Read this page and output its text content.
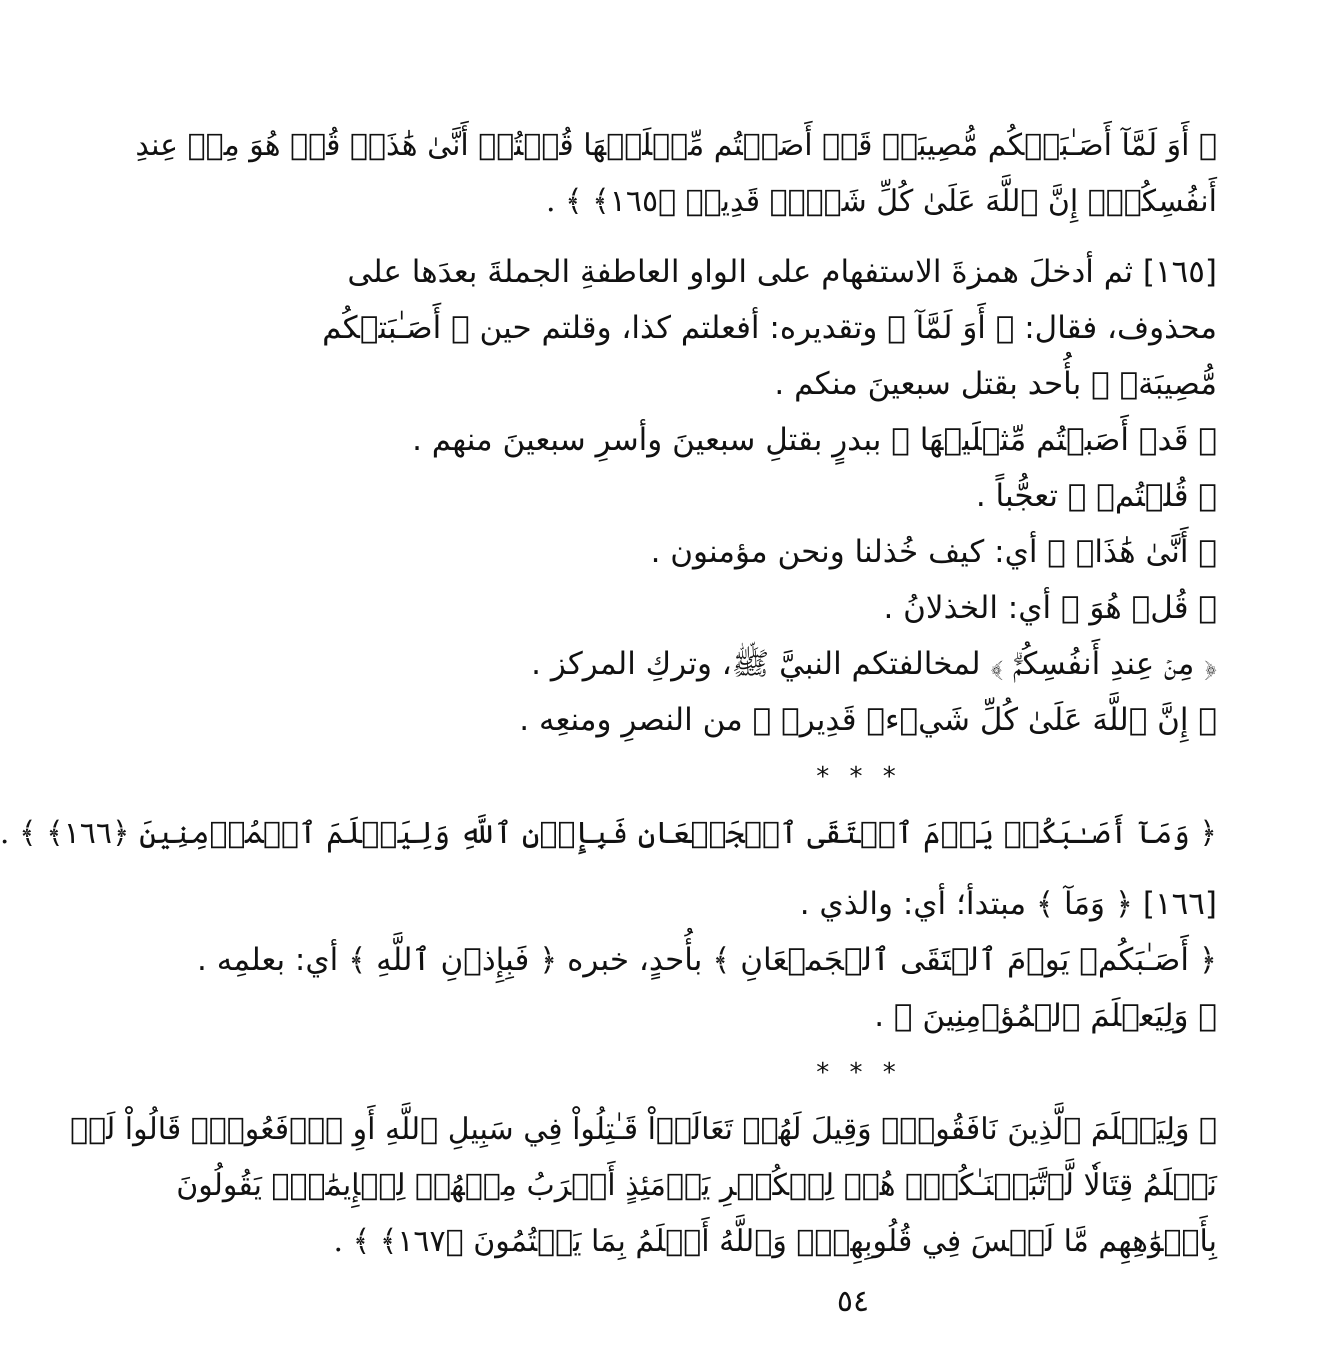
﴿ أَوَ لَمَّآ أَصَـٰبَتۡكُم مُّصِيبَةٞ قَدۡ أَصَبۡتُم مِّثۡلَيۡهَا قُلۡتُمۡ أَنَّىٰ هَٰذَاۖ قُلۡ هُوَ مِنۡ عِندِ
أَنفُسِكُمۡۗ إِنَّ ٱللَّهَ عَلَىٰ كُلِّ شَيۡءٖ قَدِيرٞ ﴿١٦٥﴾ ﴾ .
[١٦٥] ثم أدخلَ همزةَ الاستفهام على الواو العاطفةِ الجملةَ بعدَها على
محذوف، فقال: ﴿ أَوَ لَمَّآ ﴾ وتقديره: أفعلتم كذا، وقلتم حين ﴿ أَصَـٰبَتۡكُم
مُّصِيبَةٞ ﴾ بأُحد بقتل سبعينَ منكم .
﴿ قَدۡ أَصَبۡتُم مِّثۡلَيۡهَا ﴾ ببدرٍ بقتلِ سبعينَ وأسرِ سبعينَ منهم .
﴿ قُلۡتُمۡ ﴾ تعجُّباً .
﴿ أَنَّىٰ هَٰذَاۖ ﴾ أي: كيف خُذلنا ونحن مؤمنون .
﴿ قُلۡ هُوَ ﴾ أي: الخذلانُ .
﴿ مِنۡ عِندِ أَنفُسِكُمۡۗ ﴾ لمخالفتكم النبيَّ ﷺ، وتركِ المركز .
﴿ إِنَّ ٱللَّهَ عَلَىٰ كُلِّ شَيۡءٖ قَدِيرٞ ﴾ من النصرِ ومنعِه .
* * *
﴿ وَمَآ أَصَـٰبَكُمۡ يَوۡمَ ٱلۡتَقَى ٱلۡجَمۡعَانِ فَبِإِذۡنِ ٱللَّهِ وَلِيَعۡلَمَ ٱلۡمُؤۡمِنِينَ ﴿١٦٦﴾ ﴾ .
[١٦٦] ﴿ وَمَآ ﴾ مبتدأ؛ أي: والذي .
﴿ أَصَـٰبَكُمۡ يَوۡمَ ٱلۡتَقَى ٱلۡجَمۡعَانِ ﴾ بأُحدٍ، خبره ﴿ فَبِإِذۡنِ ٱللَّهِ ﴾ أي: بعلمِه .
﴿ وَلِيَعۡلَمَ ٱلۡمُؤۡمِنِينَ ﴾ .
* * *
﴿ وَلِيَعۡلَمَ ٱلَّذِينَ نَافَقُواْۚ وَقِيلَ لَهُمۡ تَعَالَوۡاْ قَـٰتِلُواْ فِي سَبِيلِ ٱللَّهِ أَوِ ٱدۡفَعُواْۖ قَالُواْ لَوۡ
نَعۡلَمُ قِتَالٗا لَّٱتَّبَعۡنَـٰكُمۡۗ هُمۡ لِلۡكُفۡرِ يَوۡمَئِذٍ أَقۡرَبُ مِنۡهُمۡ لِلۡإِيمَٰنِۚ يَقُولُونَ
بِأَفۡوَٰهِهِم مَّا لَيۡسَ فِي قُلُوبِهِمۡۚ وَٱللَّهُ أَعۡلَمُ بِمَا يَكۡتُمُونَ ﴿١٦٧﴾ ﴾ .
٥٤
